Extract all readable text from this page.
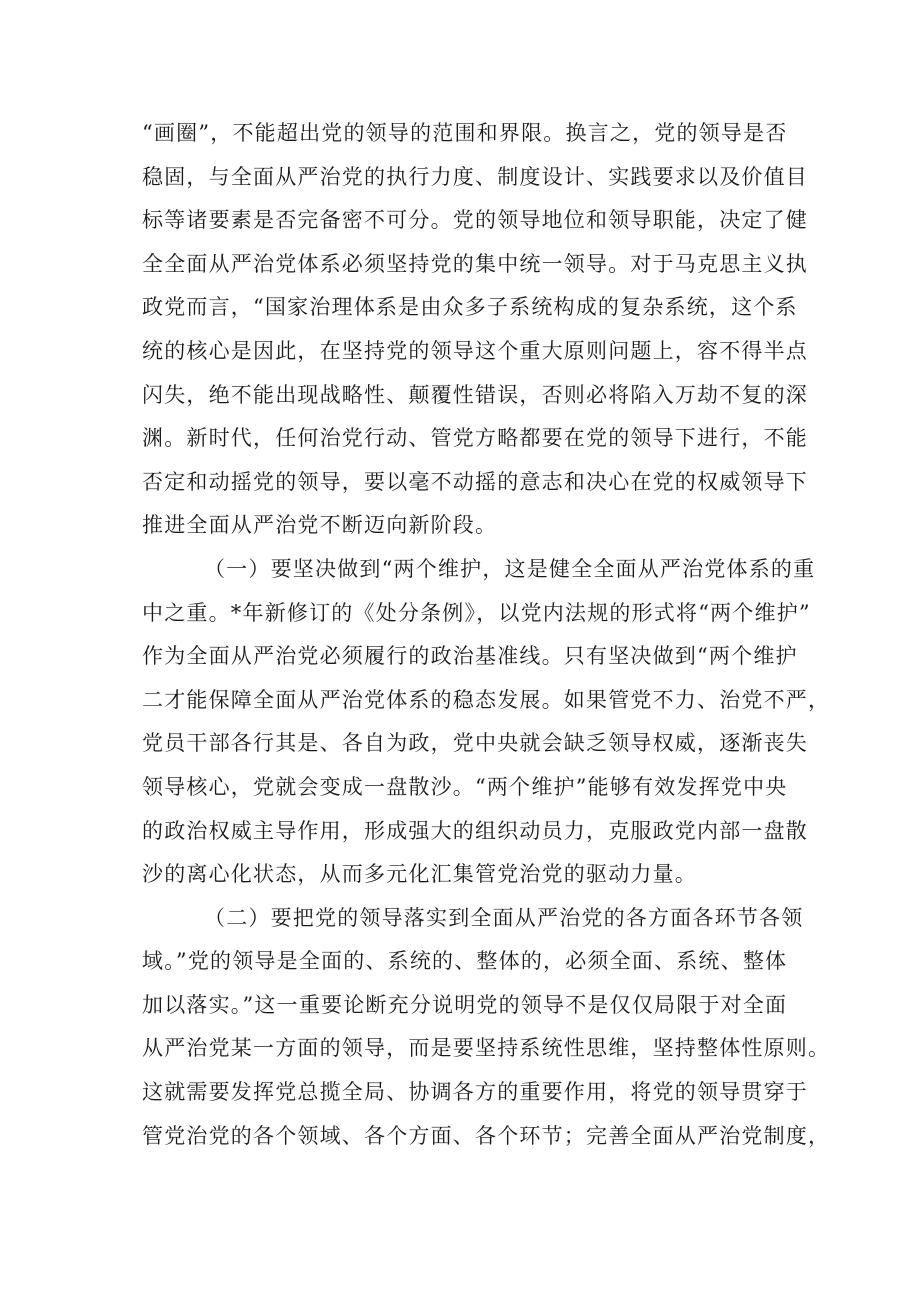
“画圈”，不能超出党的领导的范围和界限。换言之，党的领导是否
稳固，与全面从严治党的执行力度、制度设计、实践要求以及价值目
标等诸要素是否完备密不可分。党的领导地位和领导职能，决定了健
全全面从严治党体系必须坚持党的集中统一领导。对于马克思主义执
政党而言，“国家治理体系是由众多子系统构成的复杂系统，这个系
统的核心是因此，在坚持党的领导这个重大原则问题上，容不得半点
闪失，绝不能出现战略性、颠覆性错误，否则必将陷入万劫不复的深
渊。新时代，任何治党行动、管党方略都要在党的领导下进行，不能
否定和动摇党的领导，要以毫不动摇的意志和决心在党的权威领导下
推进全面从严治党不断迈向新阶段。
（一）要坚决做到“两个维护，这是健全全面从严治党体系的重
中之重。*年新修订的《处分条例》，以党内法规的形式将“两个维护”
作为全面从严治党必须履行的政治基准线。只有坚决做到“两个维护
二才能保障全面从严治党体系的稳态发展。如果管党不力、治党不严，
党员干部各行其是、各自为政，党中央就会缺乏领导权威，逐渐丧失
领导核心，党就会变成一盘散沙。“两个维护”能够有效发挥党中央
的政治权威主导作用，形成强大的组织动员力，克服政党内部一盘散
沙的离心化状态，从而多元化汇集管党治党的驱动力量。
（二）要把党的领导落实到全面从严治党的各方面各环节各领
域。”党的领导是全面的、系统的、整体的，必须全面、系统、整体
加以落实。”这一重要论断充分说明党的领导不是仅仅局限于对全面
从严治党某一方面的领导，而是要坚持系统性思维，坚持整体性原则。
这就需要发挥党总揽全局、协调各方的重要作用，将党的领导贯穿于
管党治党的各个领域、各个方面、各个环节；完善全面从严治党制度，
